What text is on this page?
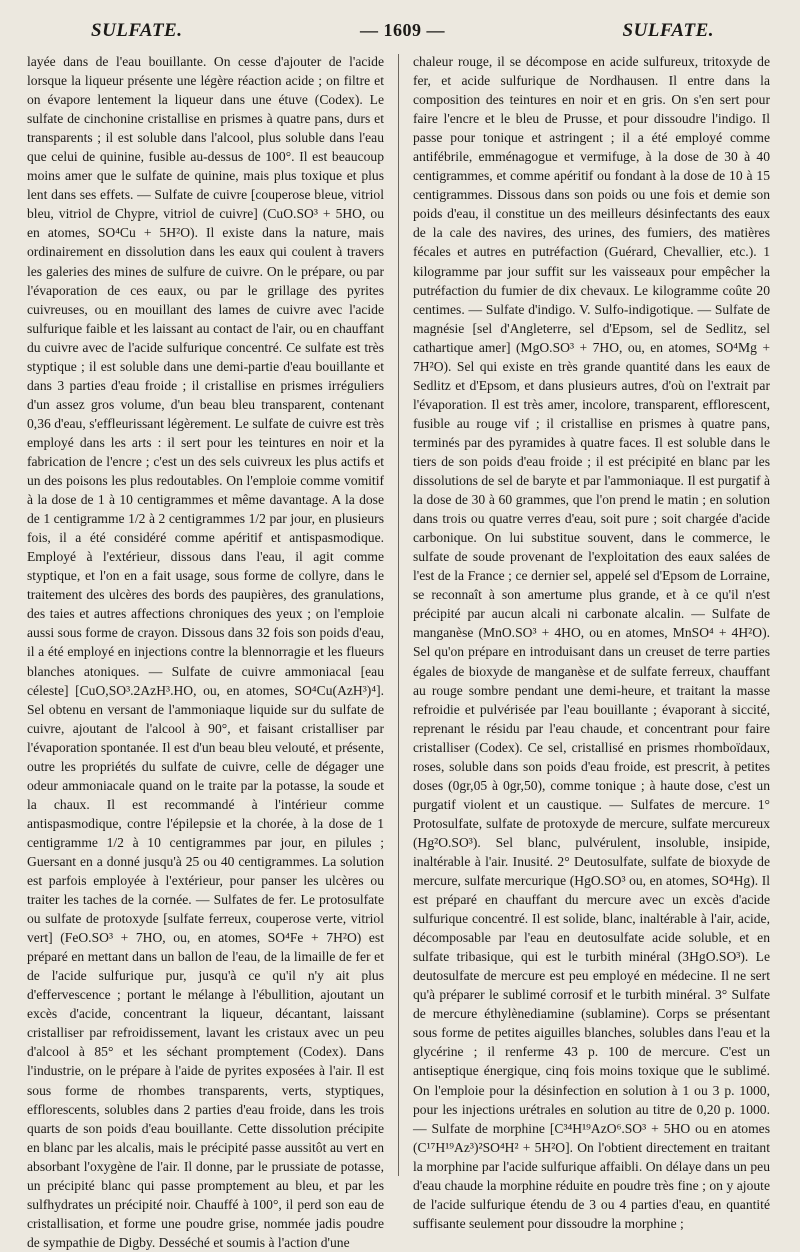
SULFATE.	— 1609 —	SULFATE.

layée dans de l'eau bouillante. On cesse d'ajouter de l'acide lorsque la liqueur présente une légère réaction acide ; on filtre et on évapore lentement la liqueur dans une étuve (Codex). Le sulfate de cinchonine cristallise en prismes à quatre pans, durs et transparents ; il est soluble dans l'alcool, plus soluble dans l'eau que celui de quinine, fusible au-dessus de 100°. Il est beaucoup moins amer que le sulfate de quinine, mais plus toxique et plus lent dans ses effets. — Sulfate de cuivre [couperose bleue, vitriol bleu, vitriol de Chypre, vitriol de cuivre] (CuO.SO³ + 5HO, ou en atomes, SO⁴Cu + 5H²O). Il existe dans la nature, mais ordinairement en dissolution dans les eaux qui coulent à travers les galeries des mines de sulfure de cuivre. On le prépare, ou par l'évaporation de ces eaux, ou par le grillage des pyrites cuivreuses, ou en mouillant des lames de cuivre avec l'acide sulfurique faible et les laissant au contact de l'air, ou en chauffant du cuivre avec de l'acide sulfurique concentré. Ce sulfate est très styptique ; il est soluble dans une demi-partie d'eau bouillante et dans 3 parties d'eau froide ; il cristallise en prismes irréguliers d'un assez gros volume, d'un beau bleu transparent, contenant 0,36 d'eau, s'effleurissant légèrement. Le sulfate de cuivre est très employé dans les arts : il sert pour les teintures en noir et la fabrication de l'encre ; c'est un des sels cuivreux les plus actifs et un des poisons les plus redoutables. On l'emploie comme vomitif à la dose de 1 à 10 centigrammes et même davantage. A la dose de 1 centigramme 1/2 à 2 centigrammes 1/2 par jour, en plusieurs fois, il a été considéré comme apéritif et antispasmodique. Employé à l'extérieur, dissous dans l'eau, il agit comme styptique, et l'on en a fait usage, sous forme de collyre, dans le traitement des ulcères des bords des paupières, des granulations, des taies et autres affections chroniques des yeux ; on l'emploie aussi sous forme de crayon. Dissous dans 32 fois son poids d'eau, il a été employé en injections contre la blennorragie et les flueurs blanches atoniques. — Sulfate de cuivre ammoniacal [eau céleste] [CuO,SO³.2AzH³.HO, ou, en atomes, SO⁴Cu(AzH³)⁴]. Sel obtenu en versant de l'ammoniaque liquide sur du sulfate de cuivre, ajoutant de l'alcool à 90°, et faisant cristalliser par l'évaporation spontanée. Il est d'un beau bleu velouté, et présente, outre les propriétés du sulfate de cuivre, celle de dégager une odeur ammoniacale quand on le traite par la potasse, la soude et la chaux. Il est recommandé à l'intérieur comme antispasmodique, contre l'épilepsie et la chorée, à la dose de 1 centigramme 1/2 à 10 centigrammes par jour, en pilules ; Guersant en a donné jusqu'à 25 ou 40 centigrammes. La solution est parfois employée à l'extérieur, pour panser les ulcères ou traiter les taches de la cornée. — Sulfates de fer. Le protosulfate ou sulfate de protoxyde [sulfate ferreux, couperose verte, vitriol vert] (FeO.SO³ + 7HO, ou, en atomes, SO⁴Fe + 7H²O) est préparé en mettant dans un ballon de l'eau, de la limaille de fer et de l'acide sulfurique pur, jusqu'à ce qu'il n'y ait plus d'effervescence ; portant le mélange à l'ébullition, ajoutant un excès d'acide, concentrant la liqueur, décantant, laissant cristalliser par refroidissement, lavant les cristaux avec un peu d'alcool à 85° et les séchant promptement (Codex). Dans l'industrie, on le prépare à l'aide de pyrites exposées à l'air. Il est sous forme de rhombes transparents, verts, styptiques, efflorescents, solubles dans 2 parties d'eau froide, dans les trois quarts de son poids d'eau bouillante. Cette dissolution précipite en blanc par les alcalis, mais le précipité passe aussitôt au vert en absorbant l'oxygène de l'air. Il donne, par le prussiate de potasse, un précipité blanc qui passe promptement au bleu, et par les sulfhydrates un précipité noir. Chauffé à 100°, il perd son eau de cristallisation, et forme une poudre grise, nommée jadis poudre de sympathie de Digby. Desséché et soumis à l'action d'une

chaleur rouge, il se décompose en acide sulfureux, tritoxyde de fer, et acide sulfurique de Nordhausen. Il entre dans la composition des teintures en noir et en gris. On s'en sert pour faire l'encre et le bleu de Prusse, et pour dissoudre l'indigo. Il passe pour tonique et astringent ; il a été employé comme antifébrile, emménagogue et vermifuge, à la dose de 30 à 40 centigrammes, et comme apéritif ou fondant à la dose de 10 à 15 centigrammes. Dissous dans son poids ou une fois et demie son poids d'eau, il constitue un des meilleurs désinfectants des eaux de la cale des navires, des urines, des fumiers, des matières fécales et autres en putréfaction (Guérard, Chevallier, etc.). 1 kilogramme par jour suffit sur les vaisseaux pour empêcher la putréfaction du fumier de dix chevaux. Le kilogramme coûte 20 centimes. — Sulfate d'indigo. V. Sulfo-indigotique. — Sulfate de magnésie [sel d'Angleterre, sel d'Epsom, sel de Sedlitz, sel cathartique amer] (MgO.SO³ + 7HO, ou, en atomes, SO⁴Mg + 7H²O). Sel qui existe en très grande quantité dans les eaux de Sedlitz et d'Epsom, et dans plusieurs autres, d'où on l'extrait par l'évaporation. Il est très amer, incolore, transparent, efflorescent, fusible au rouge vif ; il cristallise en prismes à quatre pans, terminés par des pyramides à quatre faces. Il est soluble dans le tiers de son poids d'eau froide ; il est précipité en blanc par les dissolutions de sel de baryte et par l'ammoniaque. Il est purgatif à la dose de 30 à 60 grammes, que l'on prend le matin ; en solution dans trois ou quatre verres d'eau, soit pure ; soit chargée d'acide carbonique. On lui substitue souvent, dans le commerce, le sulfate de soude provenant de l'exploitation des eaux salées de l'est de la France ; ce dernier sel, appelé sel d'Epsom de Lorraine, se reconnaît à son amertume plus grande, et à ce qu'il n'est précipité par aucun alcali ni carbonate alcalin. — Sulfate de manganèse (MnO.SO³ + 4HO, ou en atomes, MnSO⁴ + 4H²O). Sel qu'on prépare en introduisant dans un creuset de terre parties égales de bioxyde de manganèse et de sulfate ferreux, chauffant au rouge sombre pendant une demi-heure, et traitant la masse refroidie et pulvérisée par l'eau bouillante ; évaporant à siccité, reprenant le résidu par l'eau chaude, et concentrant pour faire cristalliser (Codex). Ce sel, cristallisé en prismes rhomboïdaux, roses, soluble dans son poids d'eau froide, est prescrit, à petites doses (0gr,05 à 0gr,50), comme tonique ; à haute dose, c'est un purgatif violent et un caustique. — Sulfates de mercure. 1° Protosulfate, sulfate de protoxyde de mercure, sulfate mercureux (Hg²O.SO³). Sel blanc, pulvérulent, insoluble, insipide, inaltérable à l'air. Inusité. 2° Deutosulfate, sulfate de bioxyde de mercure, sulfate mercurique (HgO.SO³ ou, en atomes, SO⁴Hg). Il est préparé en chauffant du mercure avec un excès d'acide sulfurique concentré. Il est solide, blanc, inaltérable à l'air, acide, décomposable par l'eau en deutosulfate acide soluble, et en sulfate tribasique, qui est le turbith minéral (3HgO.SO³). Le deutosulfate de mercure est peu employé en médecine. Il ne sert qu'à préparer le sublimé corrosif et le turbith minéral. 3° Sulfate de mercure éthylènediamine (sublamine). Corps se présentant sous forme de petites aiguilles blanches, solubles dans l'eau et la glycérine ; il renferme 43 p. 100 de mercure. C'est un antiseptique énergique, cinq fois moins toxique que le sublimé. On l'emploie pour la désinfection en solution à 1 ou 3 p. 1000, pour les injections urétrales en solution au titre de 0,20 p. 1000. — Sulfate de morphine [C³⁴H¹⁹AzO⁶.SO³ + 5HO ou en atomes (C¹⁷H¹⁹Az³)²SO⁴H² + 5H²O]. On l'obtient directement en traitant la morphine par l'acide sulfurique affaibli. On délaye dans un peu d'eau chaude la morphine réduite en poudre très fine ; on y ajoute de l'acide sulfurique étendu de 3 ou 4 parties d'eau, en quantité suffisante seulement pour dissoudre la morphine ;
